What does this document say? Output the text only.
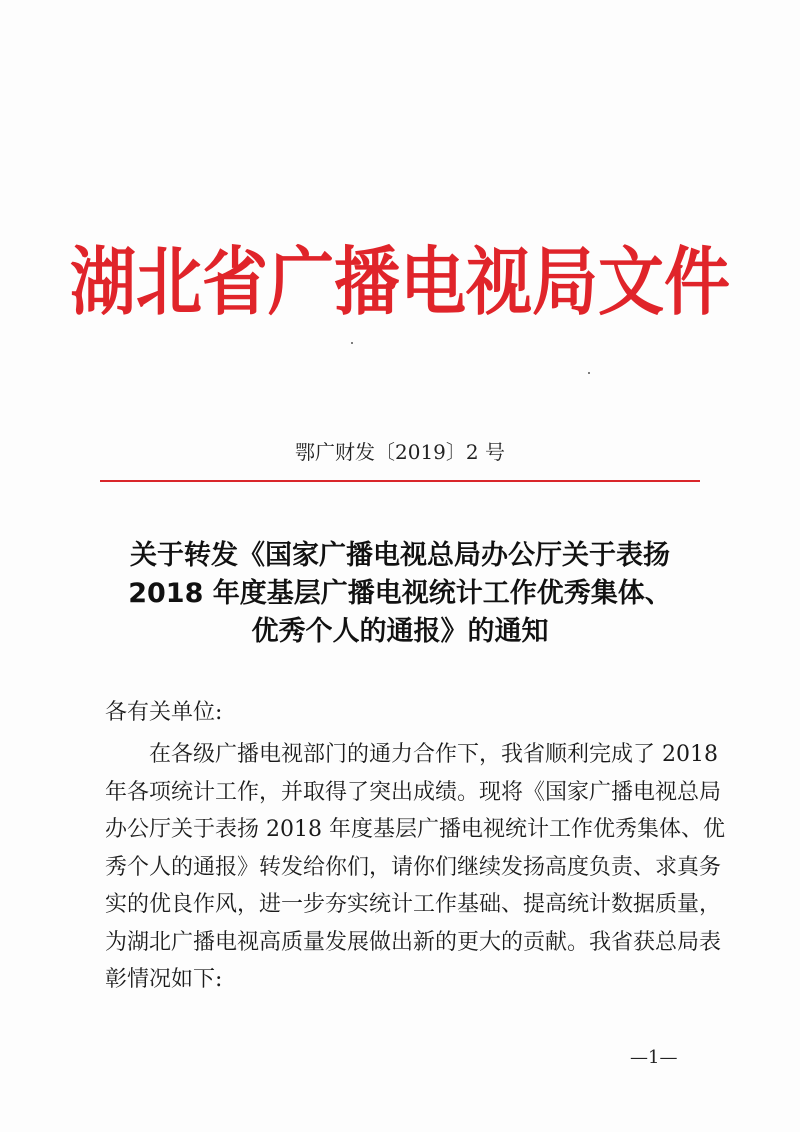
湖北省广播电视局文件
鄂广财发〔2019〕2 号
关于转发《国家广播电视总局办公厅关于表扬
2018 年度基层广播电视统计工作优秀集体、
优秀个人的通报》的通知
各有关单位:
　　在各级广播电视部门的通力合作下，我省顺利完成了 2018
年各项统计工作，并取得了突出成绩。现将《国家广播电视总局
办公厅关于表扬 2018 年度基层广播电视统计工作优秀集体、优
秀个人的通报》转发给你们，请你们继续发扬高度负责、求真务
实的优良作风，进一步夯实统计工作基础、提高统计数据质量，
为湖北广播电视高质量发展做出新的更大的贡献。我省获总局表
彰情况如下:
—1—
